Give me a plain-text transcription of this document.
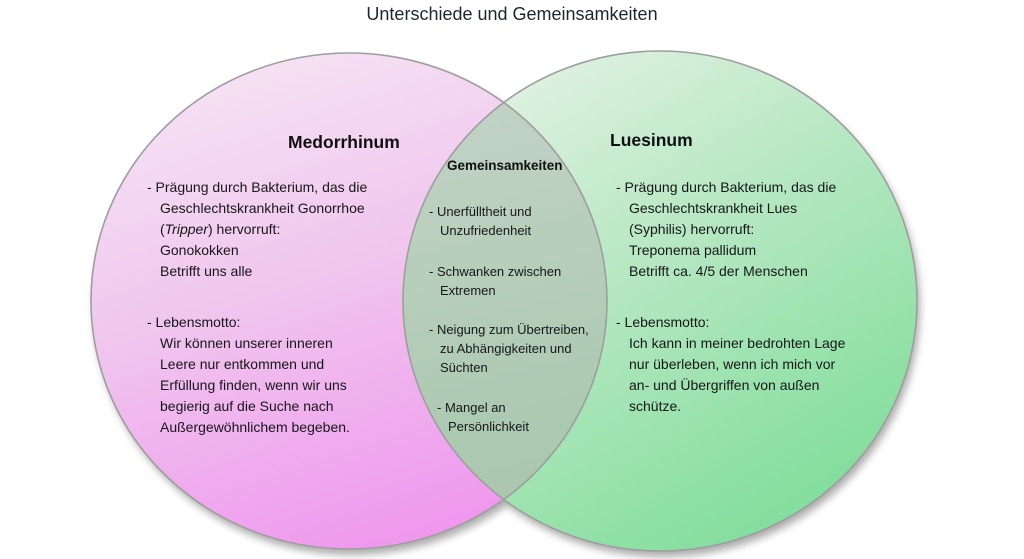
Unterschiede und Gemeinsamkeiten
Medorrhinum
- Prägung durch Bakterium, das die
Geschlechtskrankheit Gonorrhoe
(Tripper) hervorruft:
Gonokokken
Betrifft uns alle
- Lebensmotto:
Wir können unserer inneren
Leere nur entkommen und
Erfüllung finden, wenn wir uns
begierig auf die Suche nach
Außergewöhnlichem begeben.
Gemeinsamkeiten
- Unerfülltheit und
Unzufriedenheit
- Schwanken zwischen
Extremen
- Neigung zum Übertreiben,
zu Abhängigkeiten und
Süchten
- Mangel an
Persönlichkeit
Luesinum
- Prägung durch Bakterium, das die
Geschlechtskrankheit Lues
(Syphilis) hervorruft:
Treponema pallidum
Betrifft ca. 4/5 der Menschen
- Lebensmotto:
Ich kann in meiner bedrohten Lage
nur überleben, wenn ich mich vor
an- und Übergriffen von außen
schütze.
